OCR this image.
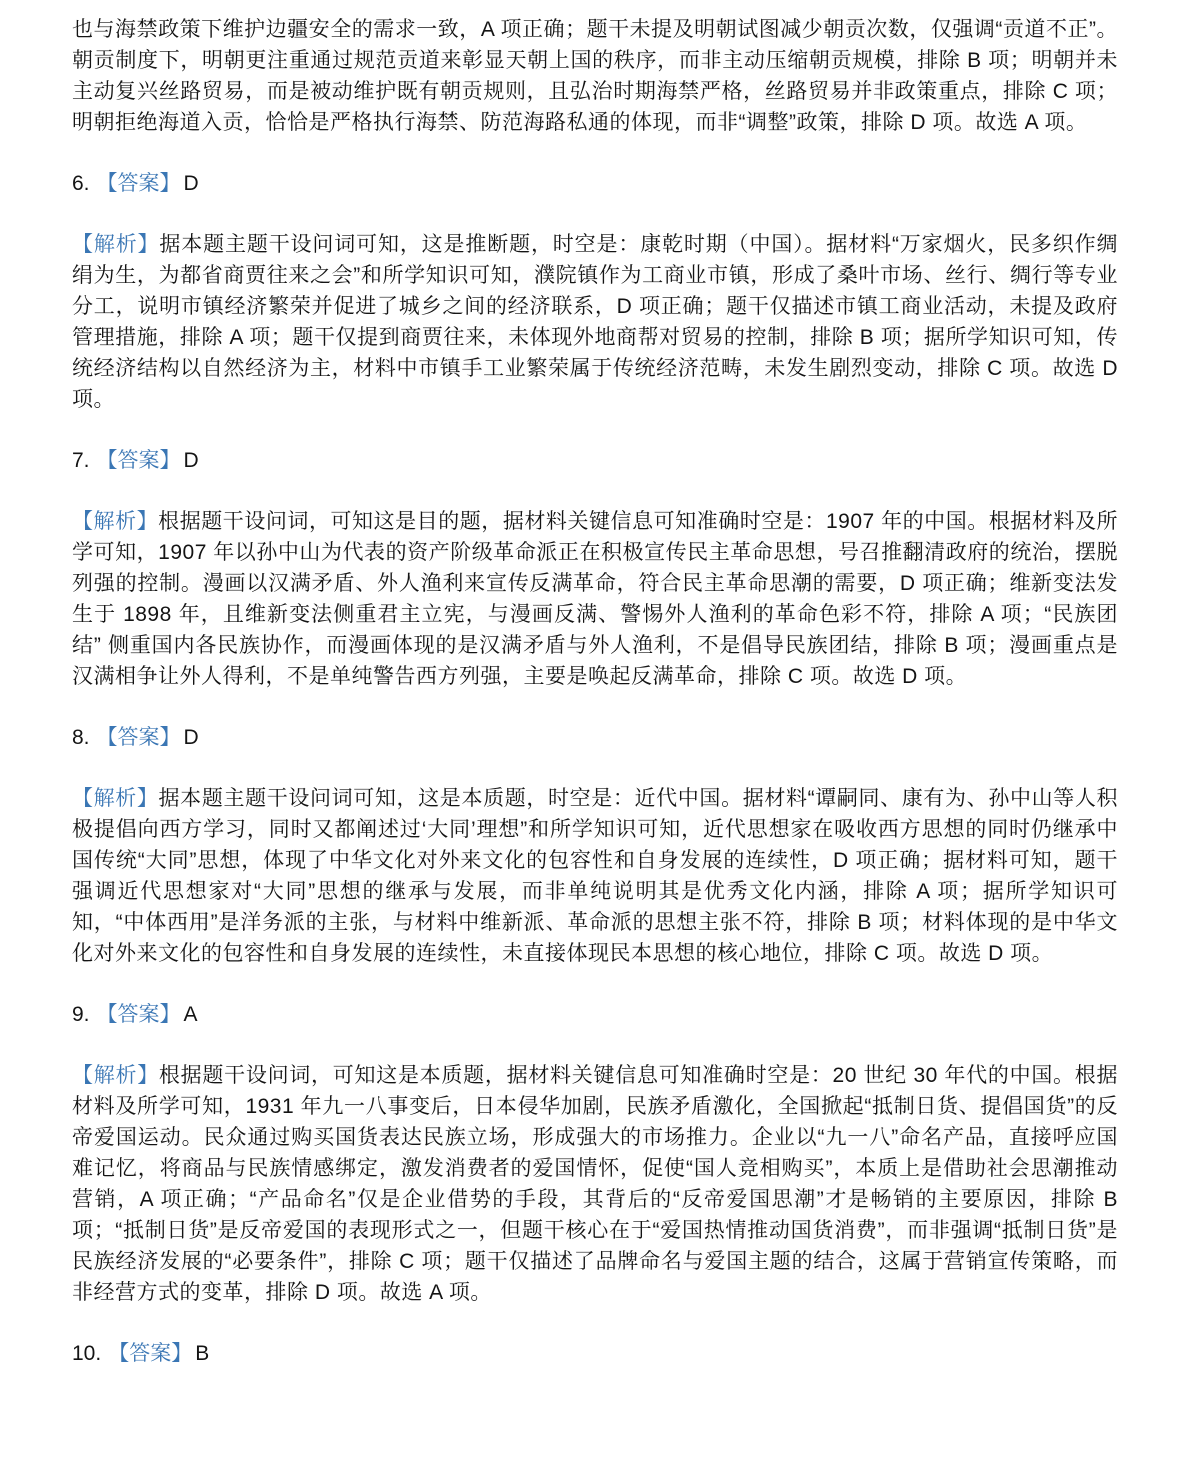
也与海禁政策下维护边疆安全的需求一致，A 项正确；题干未提及明朝试图减少朝贡次数，仅强调“贡道不正”。朝贡制度下，明朝更注重通过规范贡道来彰显天朝上国的秩序，而非主动压缩朝贡规模，排除 B 项；明朝并未主动复兴丝路贸易，而是被动维护既有朝贡规则，且弘治时期海禁严格，丝路贸易并非政策重点，排除 C 项；明朝拒绝海道入贡，恰恰是严格执行海禁、防范海路私通的体现，而非“调整”政策，排除 D 项。故选 A 项。

6. 【答案】 D

【解析】据本题主题干设问词可知，这是推断题，时空是：康乾时期（中国）。据材料“万家烟火，民多织作绸绢为生，为都省商贾往来之会”和所学知识可知，濮院镇作为工商业市镇，形成了桑叶市场、丝行、绸行等专业分工，说明市镇经济繁荣并促进了城乡之间的经济联系，D 项正确；题干仅描述市镇工商业活动，未提及政府管理措施，排除 A 项；题干仅提到商贾往来，未体现外地商帮对贸易的控制，排除 B 项；据所学知识可知，传统经济结构以自然经济为主，材料中市镇手工业繁荣属于传统经济范畴，未发生剧烈变动，排除 C 项。故选 D 项。

7. 【答案】 D

【解析】根据题干设问词，可知这是目的题，据材料关键信息可知准确时空是：1907 年的中国。根据材料及所学可知，1907 年以孙中山为代表的资产阶级革命派正在积极宣传民主革命思想，号召推翻清政府的统治，摆脱列强的控制。漫画以汉满矛盾、外人渔利来宣传反满革命，符合民主革命思潮的需要，D 项正确；维新变法发生于 1898 年，且维新变法侧重君主立宪，与漫画反满、警惕外人渔利的革命色彩不符，排除 A 项；“民族团结” 侧重国内各民族协作，而漫画体现的是汉满矛盾与外人渔利，不是倡导民族团结，排除 B 项；漫画重点是汉满相争让外人得利，不是单纯警告西方列强，主要是唤起反满革命，排除 C 项。故选 D 项。

8. 【答案】 D

【解析】据本题主题干设问词可知，这是本质题，时空是：近代中国。据材料“谭嗣同、康有为、孙中山等人积极提倡向西方学习，同时又都阐述过‘大同’理想”和所学知识可知，近代思想家在吸收西方思想的同时仍继承中国传统“大同”思想，体现了中华文化对外来文化的包容性和自身发展的连续性，D 项正确；据材料可知，题干强调近代思想家对“大同”思想的继承与发展，而非单纯说明其是优秀文化内涵，排除 A 项；据所学知识可知，“中体西用”是洋务派的主张，与材料中维新派、革命派的思想主张不符，排除 B 项；材料体现的是中华文化对外来文化的包容性和自身发展的连续性，未直接体现民本思想的核心地位，排除 C 项。故选 D 项。

9. 【答案】 A

【解析】根据题干设问词，可知这是本质题，据材料关键信息可知准确时空是：20 世纪 30 年代的中国。根据材料及所学可知，1931 年九一八事变后，日本侵华加剧，民族矛盾激化，全国掀起“抵制日货、提倡国货”的反帝爱国运动。民众通过购买国货表达民族立场，形成强大的市场推力。企业以“九一八”命名产品，直接呼应国难记忆，将商品与民族情感绑定，激发消费者的爱国情怀，促使“国人竞相购买”，本质上是借助社会思潮推动营销，A 项正确；“产品命名”仅是企业借势的手段，其背后的“反帝爱国思潮”才是畅销的主要原因，排除 B 项；“抵制日货”是反帝爱国的表现形式之一，但题干核心在于“爱国热情推动国货消费”，而非强调“抵制日货”是民族经济发展的“必要条件”，排除 C 项；题干仅描述了品牌命名与爱国主题的结合，这属于营销宣传策略，而非经营方式的变革，排除 D 项。故选 A 项。

10. 【答案】 B
